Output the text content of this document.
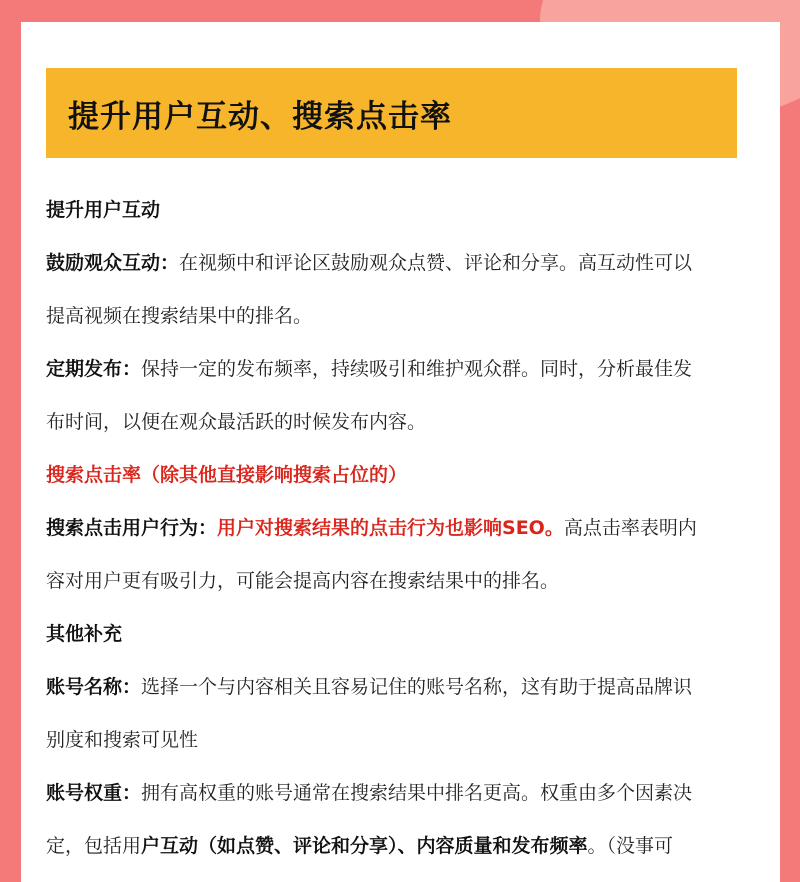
提升用户互动、搜索点击率
提升用户互动
鼓励观众互动：在视频中和评论区鼓励观众点赞、评论和分享。高互动性可以
提高视频在搜索结果中的排名。
定期发布：保持一定的发布频率，持续吸引和维护观众群。同时，分析最佳发
布时间，以便在观众最活跃的时候发布内容。
搜索点击率（除其他直接影响搜索占位的）
搜索点击用户行为：用户对搜索结果的点击行为也影响SEO。高点击率表明内
容对用户更有吸引力，可能会提高内容在搜索结果中的排名。
其他补充
账号名称：选择一个与内容相关且容易记住的账号名称，这有助于提高品牌识
别度和搜索可见性
账号权重：拥有高权重的账号通常在搜索结果中排名更高。权重由多个因素决
定，包括用户互动（如点赞、评论和分享）、内容质量和发布频率。（没事可
